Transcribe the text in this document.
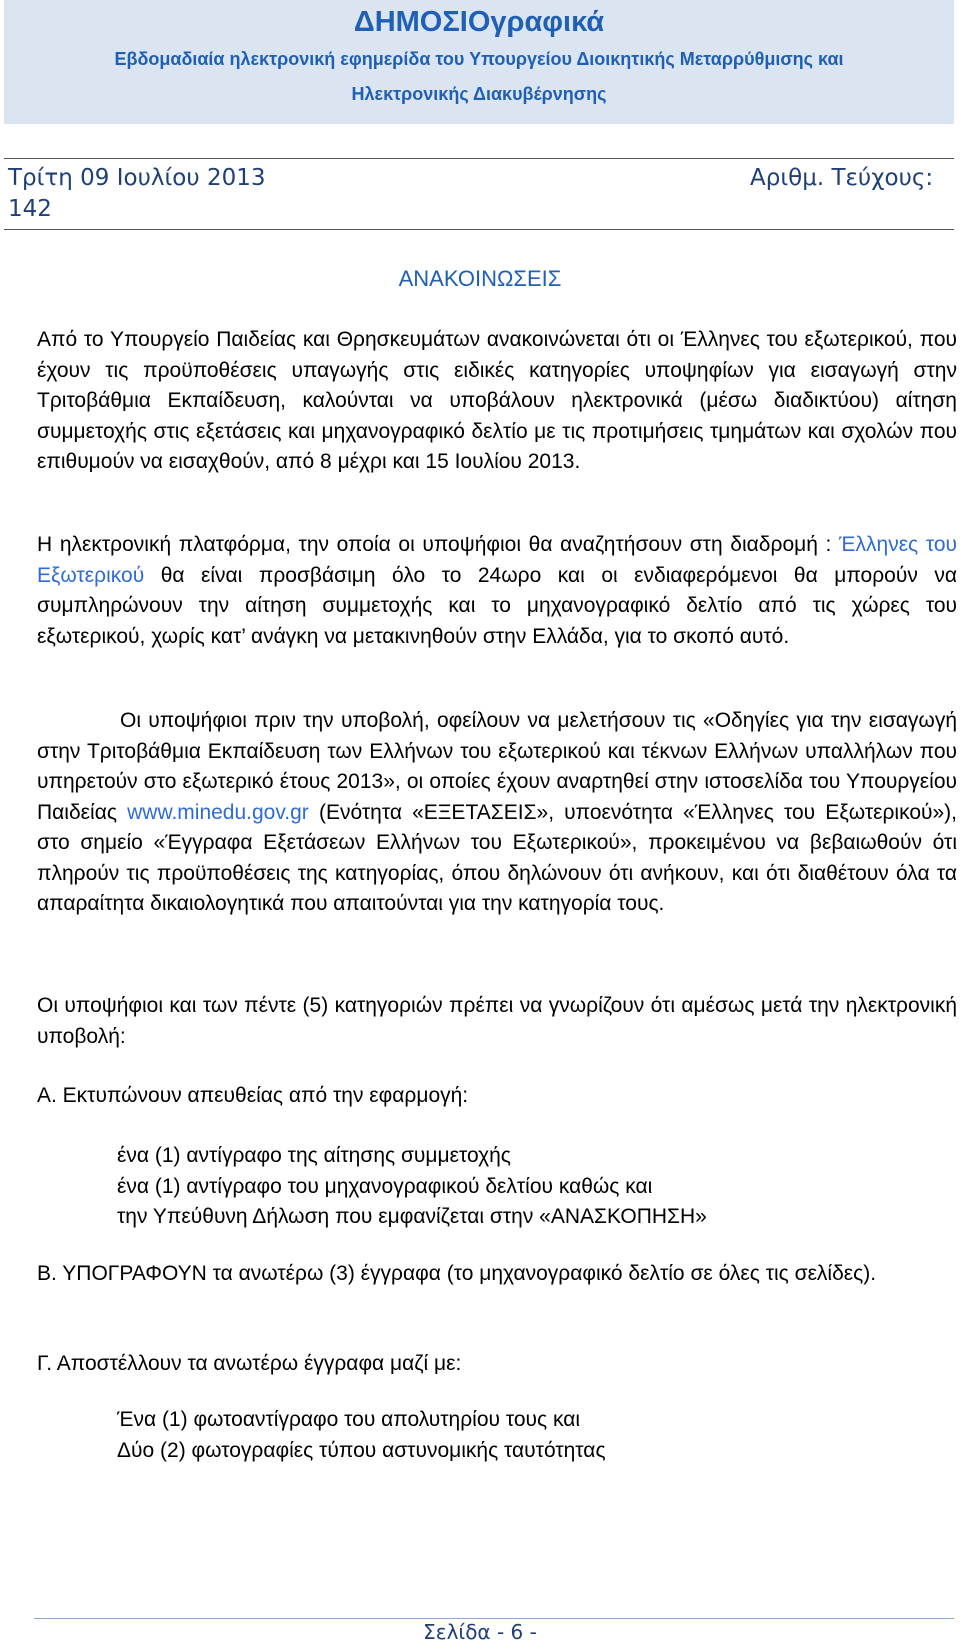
ΔΗΜΟΣΙΟγραφικά
Εβδομαδιαία ηλεκτρονική εφημερίδα του Υπουργείου Διοικητικής Μεταρρύθμισης και
Ηλεκτρονικής Διακυβέρνησης
Τρίτη 09 Ιουλίου 2013	Αριθμ. Τεύχους:
142
ΑΝΑΚΟΙΝΩΣΕΙΣ
Από το Υπουργείο Παιδείας και Θρησκευμάτων ανακοινώνεται ότι οι Έλληνες του εξωτερικού, που έχουν τις προϋποθέσεις υπαγωγής στις ειδικές κατηγορίες υποψηφίων για εισαγωγή στην Τριτοβάθμια Εκπαίδευση, καλούνται να υποβάλουν ηλεκτρονικά (μέσω διαδικτύου) αίτηση συμμετοχής στις εξετάσεις και μηχανογραφικό δελτίο με τις προτιμήσεις τμημάτων και σχολών που επιθυμούν να εισαχθούν, από 8 μέχρι και 15 Ιουλίου 2013.
Η ηλεκτρονική πλατφόρμα, την οποία οι υποψήφιοι θα αναζητήσουν στη διαδρομή : Έλληνες του Εξωτερικού θα είναι προσβάσιμη όλο το 24ωρο και οι ενδιαφερόμενοι θα μπορούν να συμπληρώνουν την αίτηση συμμετοχής και το μηχανογραφικό δελτίο από τις χώρες του εξωτερικού, χωρίς κατ’ ανάγκη να μετακινηθούν στην Ελλάδα, για το σκοπό αυτό.
Οι υποψήφιοι πριν την υποβολή, οφείλουν να μελετήσουν τις «Οδηγίες για την εισαγωγή στην Τριτοβάθμια Εκπαίδευση των Ελλήνων του εξωτερικού και τέκνων Ελλήνων υπαλλήλων που υπηρετούν στο εξωτερικό έτους 2013», οι οποίες έχουν αναρτηθεί στην ιστοσελίδα του Υπουργείου Παιδείας www.minedu.gov.gr (Ενότητα «ΕΞΕΤΑΣΕΙΣ», υποενότητα «Έλληνες του Εξωτερικού»), στο σημείο «Έγγραφα Εξετάσεων Ελλήνων του Εξωτερικού», προκειμένου να βεβαιωθούν ότι πληρούν τις προϋποθέσεις της κατηγορίας, όπου δηλώνουν ότι ανήκουν, και ότι διαθέτουν όλα τα απαραίτητα δικαιολογητικά που απαιτούνται για την κατηγορία τους.
Οι υποψήφιοι και των πέντε (5) κατηγοριών πρέπει να γνωρίζουν ότι αμέσως μετά την ηλεκτρονική υποβολή:
Α. Εκτυπώνουν απευθείας από την εφαρμογή:
ένα (1) αντίγραφο της αίτησης συμμετοχής
ένα (1) αντίγραφο του μηχανογραφικού δελτίου καθώς και
την Υπεύθυνη Δήλωση που εμφανίζεται στην «ΑΝΑΣΚΟΠΗΣΗ»
Β. ΥΠΟΓΡΑΦΟΥΝ τα ανωτέρω (3) έγγραφα (το μηχανογραφικό δελτίο σε όλες τις σελίδες).
Γ. Αποστέλλουν τα ανωτέρω έγγραφα μαζί με:
Ένα (1) φωτοαντίγραφο του απολυτηρίου τους και
Δύο (2) φωτογραφίες τύπου αστυνομικής ταυτότητας
Σελίδα - 6 -
